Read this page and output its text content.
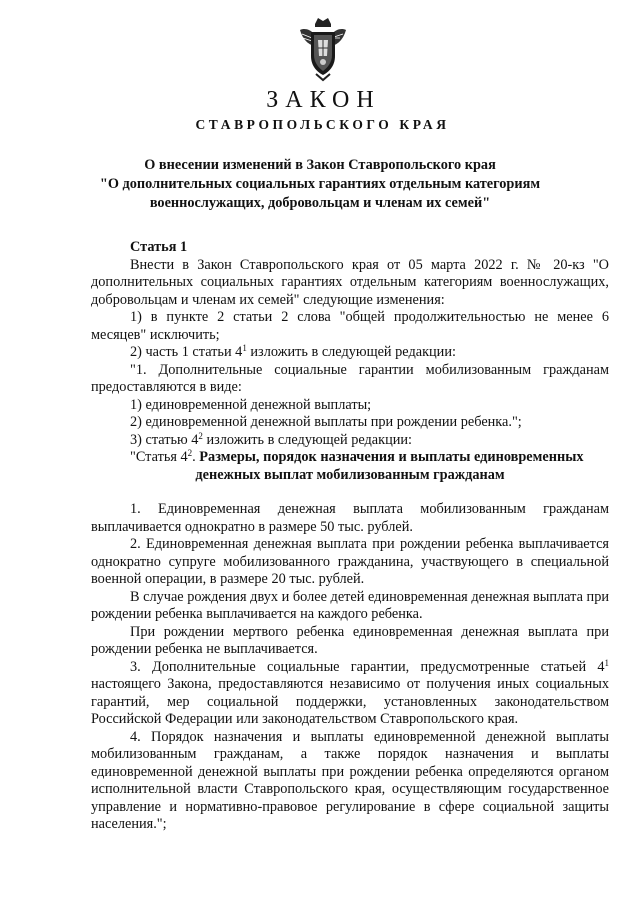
ЗАКОН
СТАВРОПОЛЬСКОГО КРАЯ
О внесении изменений в Закон Ставропольского края
"О дополнительных социальных гарантиях отдельным категориям
военнослужащих, добровольцам и членам их семей"

Статья 1

Внести в Закон Ставропольского края от 05 марта 2022 г. № 20-кз "О дополнительных социальных гарантиях отдельным категориям военнослужащих, добровольцам и членам их семей" следующие изменения:

1) в пункте 2 статьи 2 слова "общей продолжительностью не менее 6 месяцев" исключить;

2) часть 1 статьи $4^1$ изложить в следующей редакции:

"1. Дополнительные социальные гарантии мобилизованным гражданам предоставляются в виде:

1) единовременной денежной выплаты;

2) единовременной денежной выплаты при рождении ребенка.";

3) статью $4^2$ изложить в следующей редакции:

"Статья $4^2$. Размеры, порядок назначения и выплаты единовременных

денежных выплат мобилизованным гражданам

1. Единовременная денежная выплата мобилизованным гражданам выплачивается однократно в размере 50 тыс. рублей.

2. Единовременная денежная выплата при рождении ребенка выплачивается однократно супруге мобилизованного гражданина, участвующего в специальной военной операции, в размере 20 тыс. рублей.

В случае рождения двух и более детей единовременная денежная выплата при рождении ребенка выплачивается на каждого ребенка.

При рождении мертвого ребенка единовременная денежная выплата при рождении ребенка не выплачивается.

3. Дополнительные социальные гарантии, предусмотренные статьей $4^1$ настоящего Закона, предоставляются независимо от получения иных социальных гарантий, мер социальной поддержки, установленных законодательством Российской Федерации или законодательством Ставропольского края.

4. Порядок назначения и выплаты единовременной денежной выплаты мобилизованным гражданам, а также порядок назначения и выплаты единовременной денежной выплаты при рождении ребенка определяются органом исполнительной власти Ставропольского края, осуществляющим государственное управление и нормативно-правовое регулирование в сфере социальной защиты населения.";
